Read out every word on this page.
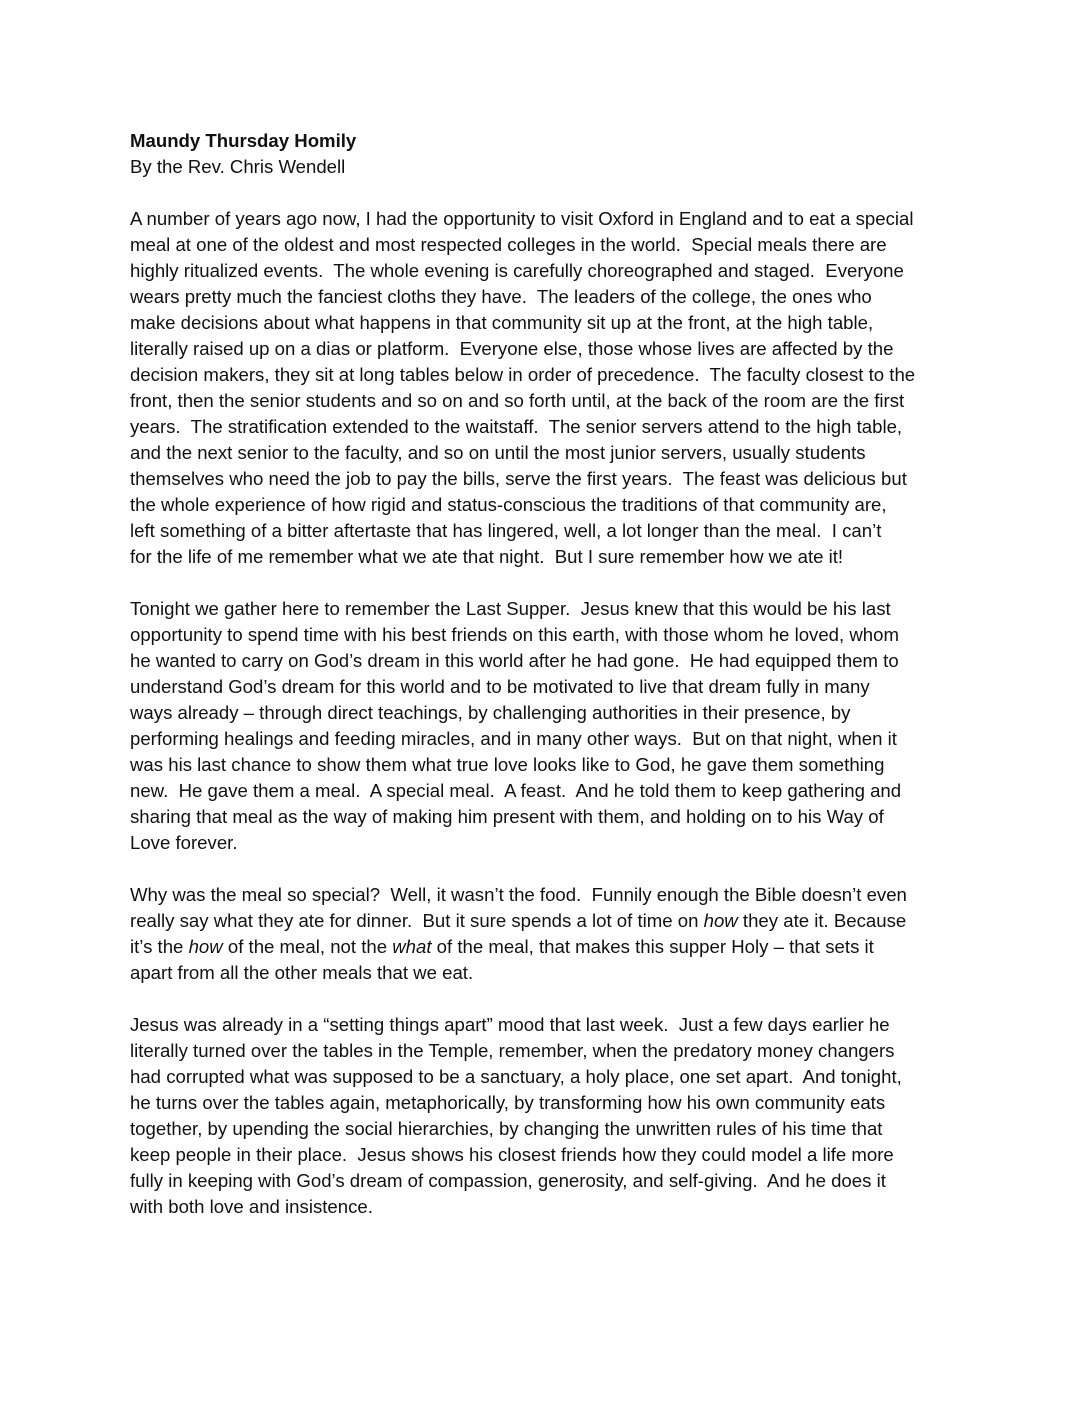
Maundy Thursday Homily
By the Rev. Chris Wendell
A number of years ago now, I had the opportunity to visit Oxford in England and to eat a special
meal at one of the oldest and most respected colleges in the world.  Special meals there are
highly ritualized events.  The whole evening is carefully choreographed and staged.  Everyone
wears pretty much the fanciest cloths they have.  The leaders of the college, the ones who
make decisions about what happens in that community sit up at the front, at the high table,
literally raised up on a dias or platform.  Everyone else, those whose lives are affected by the
decision makers, they sit at long tables below in order of precedence.  The faculty closest to the
front, then the senior students and so on and so forth until, at the back of the room are the first
years.  The stratification extended to the waitstaff.  The senior servers attend to the high table,
and the next senior to the faculty, and so on until the most junior servers, usually students
themselves who need the job to pay the bills, serve the first years.  The feast was delicious but
the whole experience of how rigid and status-conscious the traditions of that community are,
left something of a bitter aftertaste that has lingered, well, a lot longer than the meal.  I can’t
for the life of me remember what we ate that night.  But I sure remember how we ate it!
Tonight we gather here to remember the Last Supper.  Jesus knew that this would be his last
opportunity to spend time with his best friends on this earth, with those whom he loved, whom
he wanted to carry on God’s dream in this world after he had gone.  He had equipped them to
understand God’s dream for this world and to be motivated to live that dream fully in many
ways already – through direct teachings, by challenging authorities in their presence, by
performing healings and feeding miracles, and in many other ways.  But on that night, when it
was his last chance to show them what true love looks like to God, he gave them something
new.  He gave them a meal.  A special meal.  A feast.  And he told them to keep gathering and
sharing that meal as the way of making him present with them, and holding on to his Way of
Love forever.
Why was the meal so special?  Well, it wasn’t the food.  Funnily enough the Bible doesn’t even
really say what they ate for dinner.  But it sure spends a lot of time on how they ate it. Because
it’s the how of the meal, not the what of the meal, that makes this supper Holy – that sets it
apart from all the other meals that we eat.
Jesus was already in a “setting things apart” mood that last week.  Just a few days earlier he
literally turned over the tables in the Temple, remember, when the predatory money changers
had corrupted what was supposed to be a sanctuary, a holy place, one set apart.  And tonight,
he turns over the tables again, metaphorically, by transforming how his own community eats
together, by upending the social hierarchies, by changing the unwritten rules of his time that
keep people in their place.  Jesus shows his closest friends how they could model a life more
fully in keeping with God’s dream of compassion, generosity, and self-giving.  And he does it
with both love and insistence.
